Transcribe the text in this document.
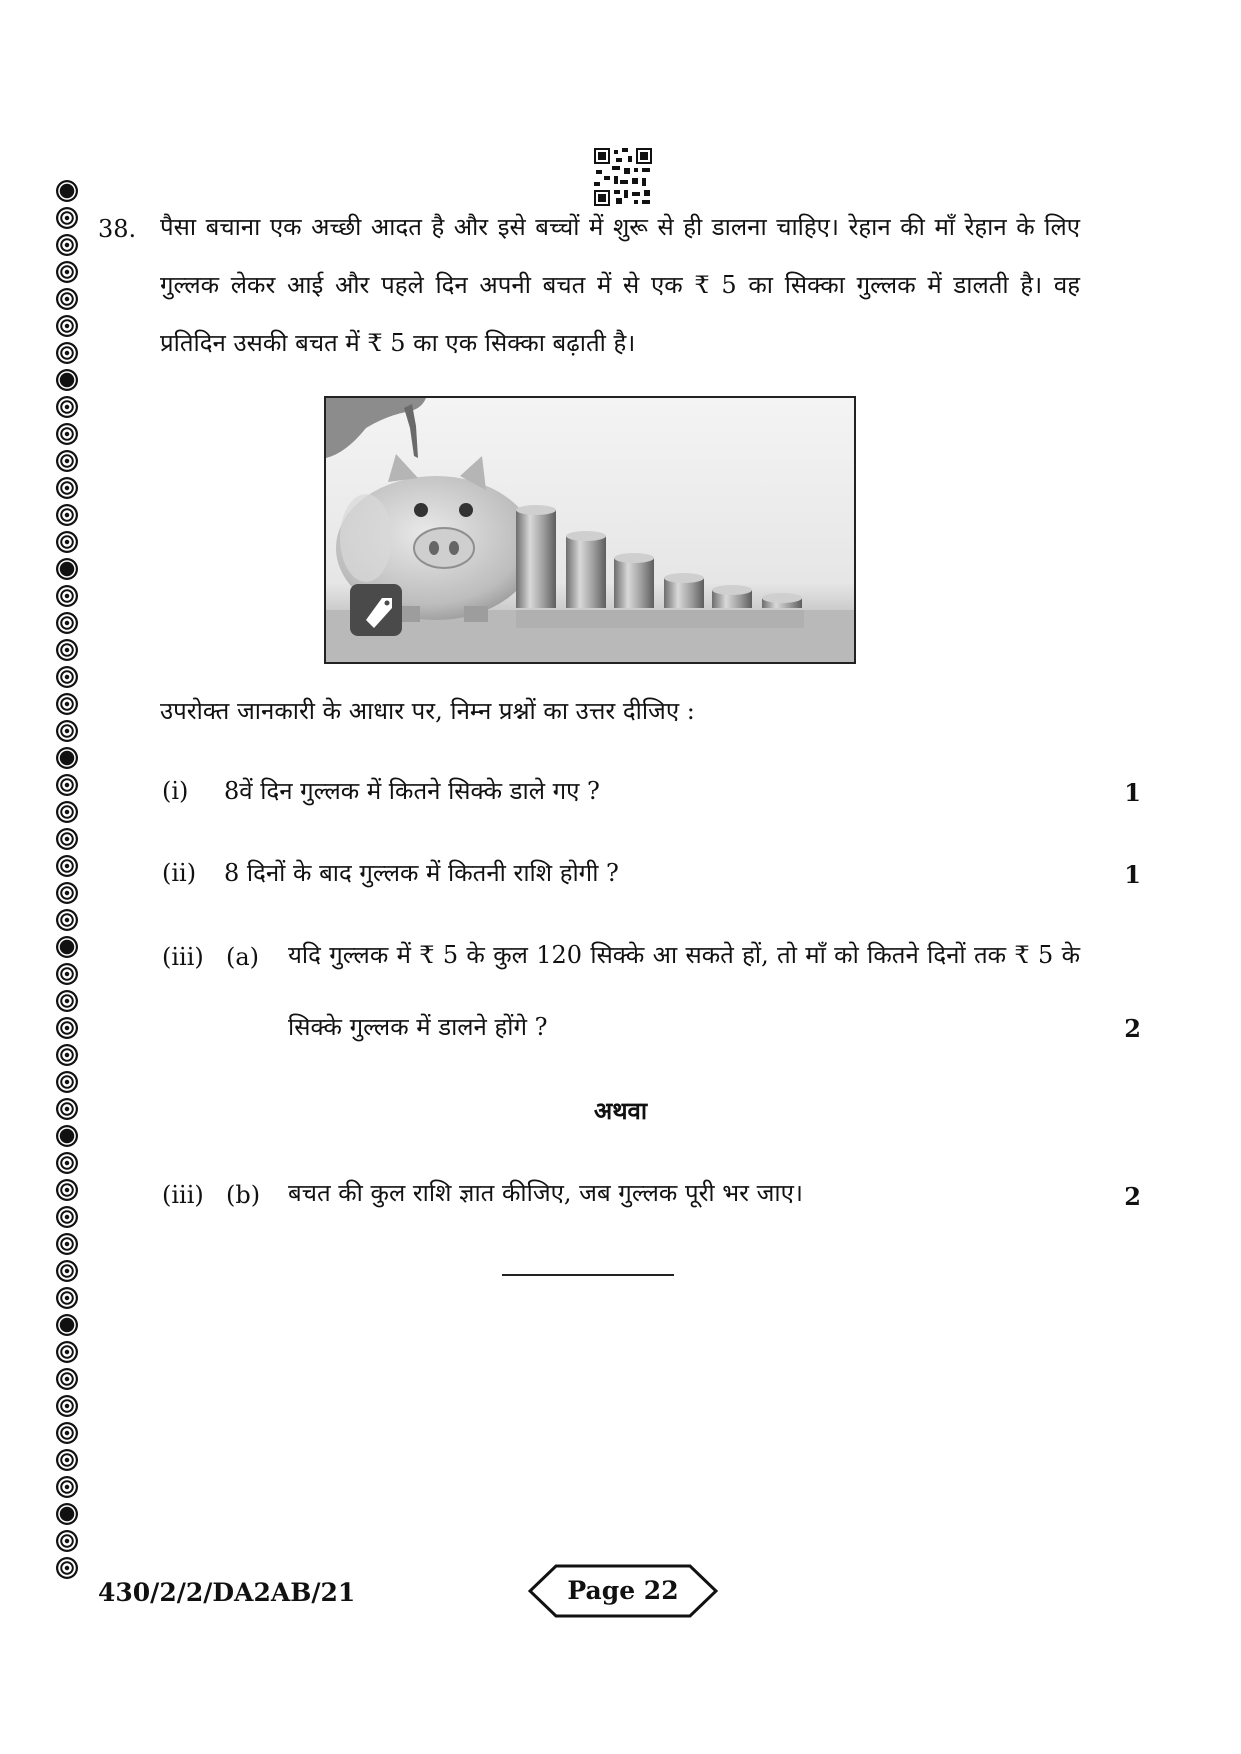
38. पैसा बचाना एक अच्छी आदत है और इसे बच्चों में शुरू से ही डालना चाहिए। रेहान की माँ रेहान के लिए
गुल्लक लेकर आई और पहले दिन अपनी बचत में से एक ₹ 5 का सिक्का गुल्लक में डालती है। वह
प्रतिदिन उसकी बचत में ₹ 5 का एक सिक्का बढ़ाती है।
उपरोक्त जानकारी के आधार पर, निम्न प्रश्नों का उत्तर दीजिए :
(i) 8वें दिन गुल्लक में कितने सिक्के डाले गए ?	1
(ii) 8 दिनों के बाद गुल्लक में कितनी राशि होगी ?	1
(iii) (a) यदि गुल्लक में ₹ 5 के कुल 120 सिक्के आ सकते हों, तो माँ को कितने दिनों तक ₹ 5 के
सिक्के गुल्लक में डालने होंगे ?	2
अथवा
(iii) (b) बचत की कुल राशि ज्ञात कीजिए, जब गुल्लक पूरी भर जाए।	2
430/2/2/DA2AB/21	Page 22
